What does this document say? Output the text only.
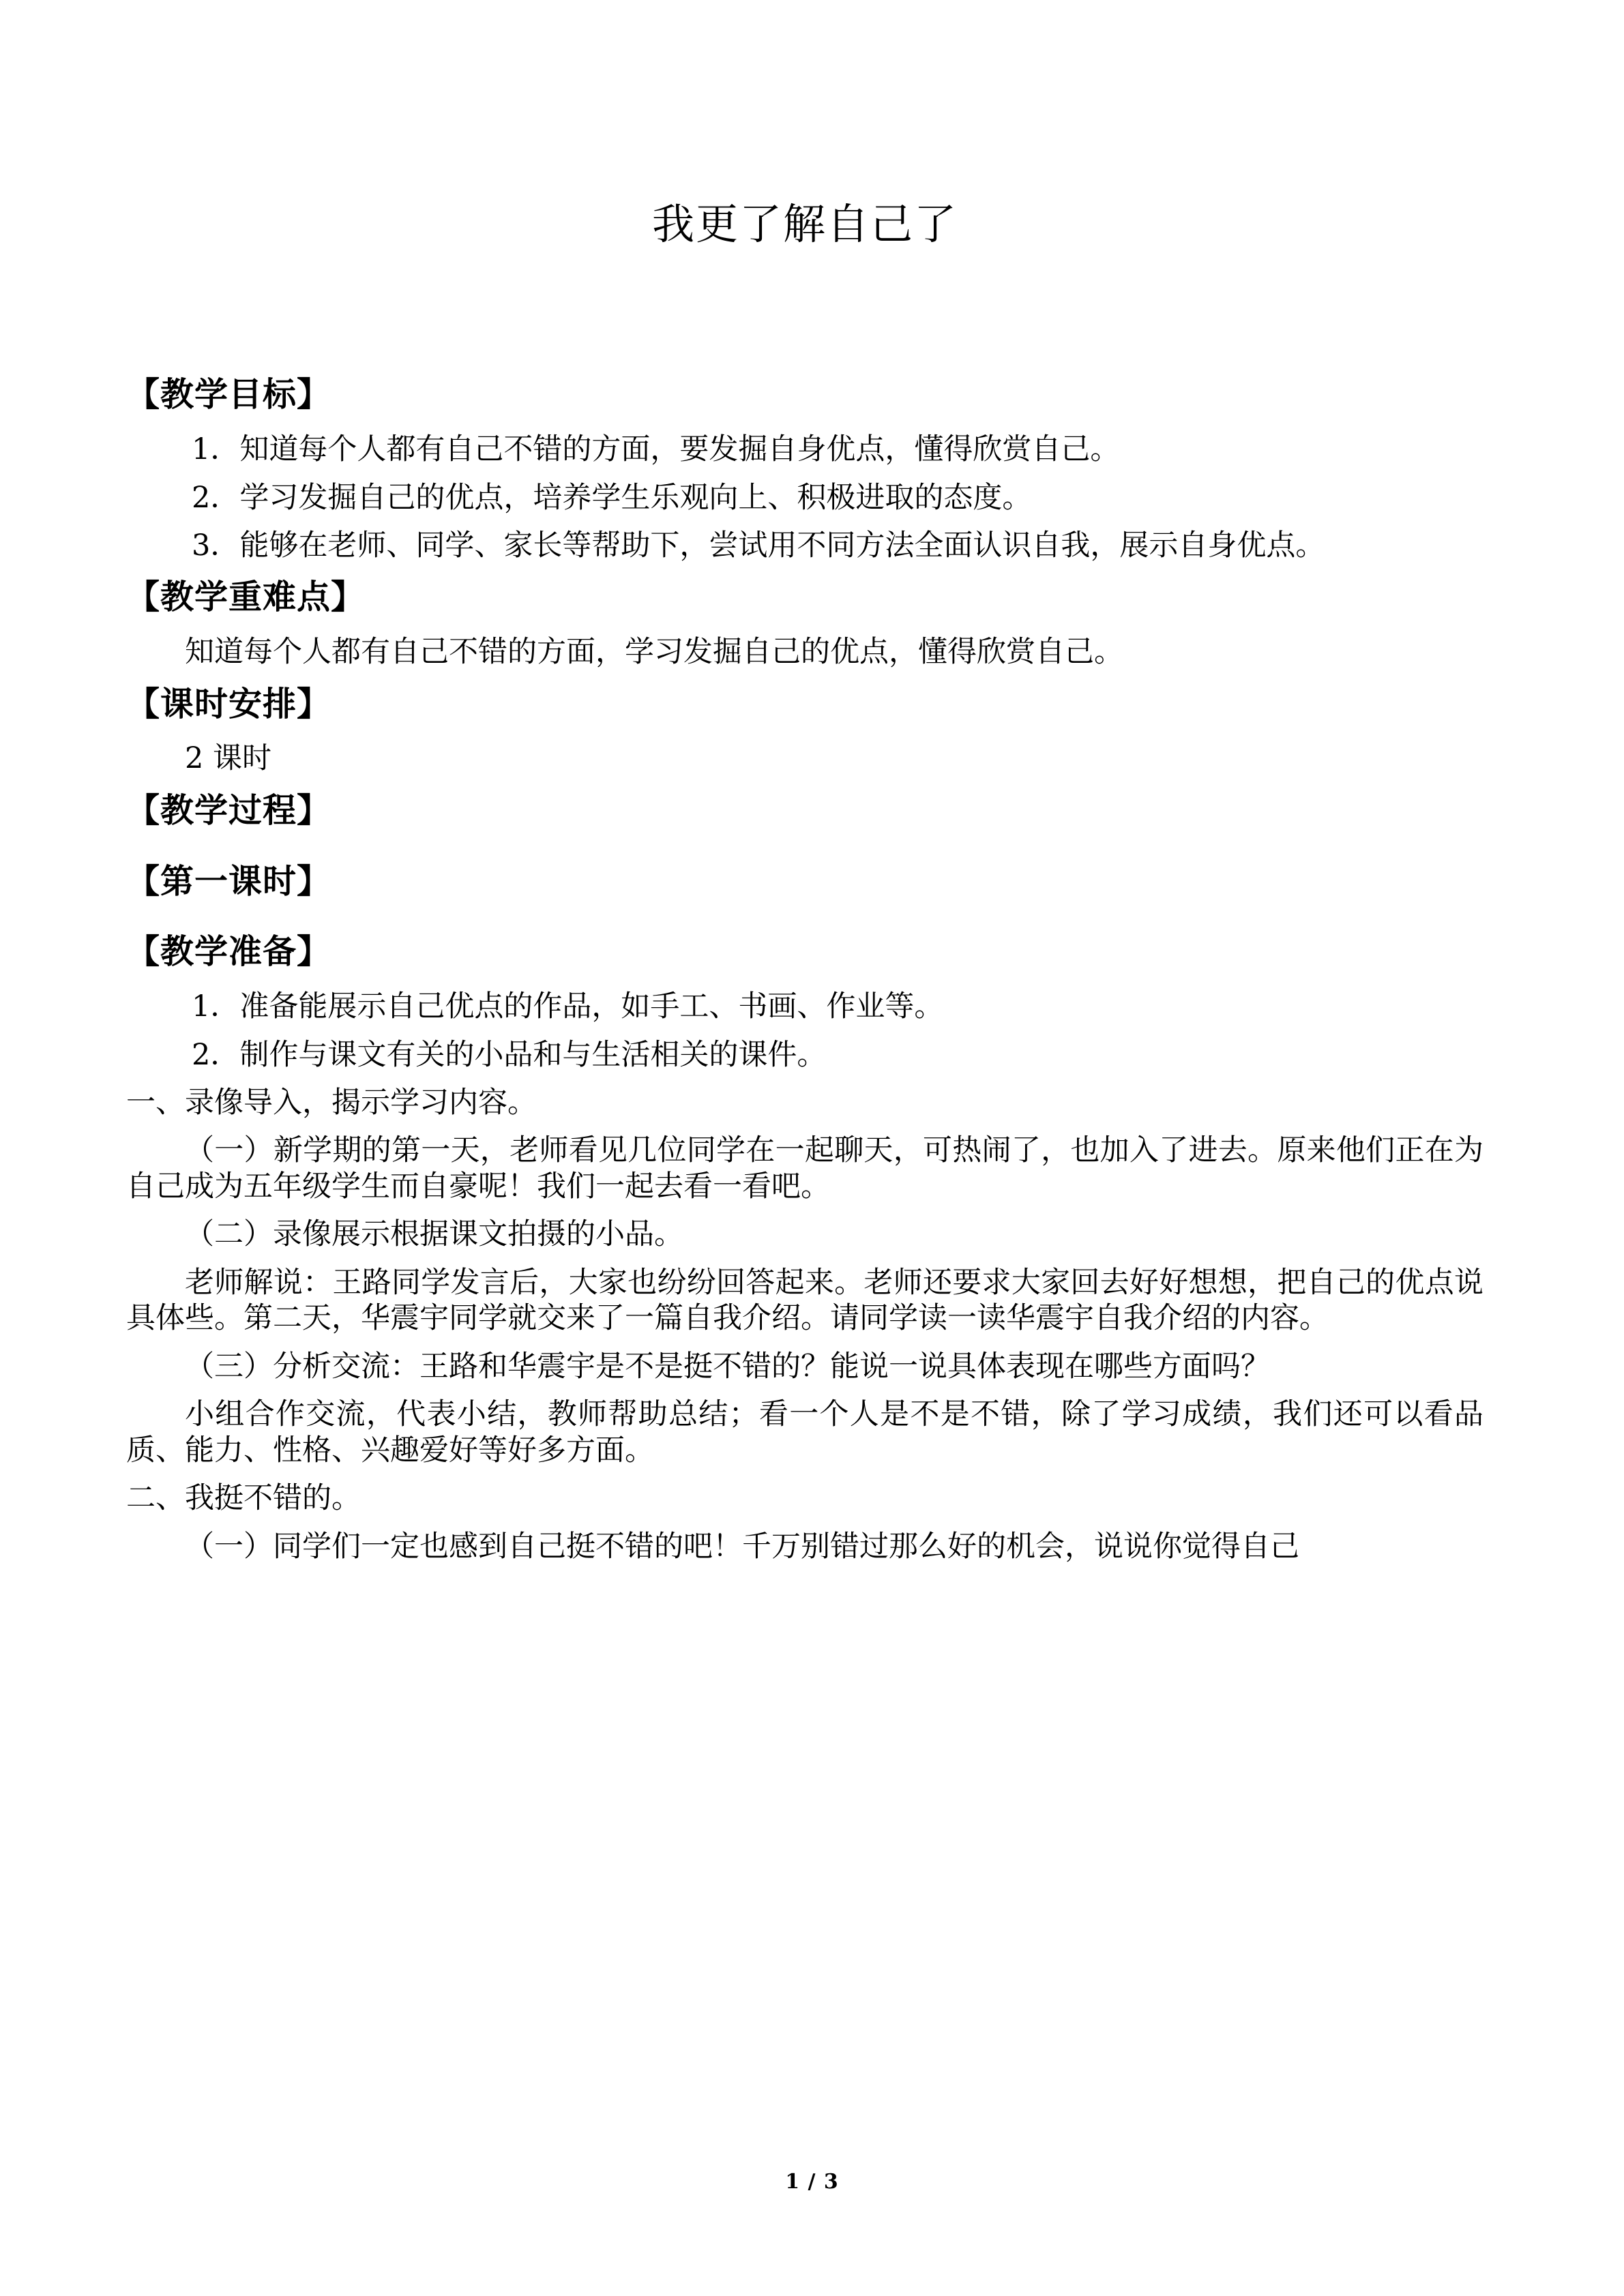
我更了解自己了
【教学目标】
1．知道每个人都有自己不错的方面，要发掘自身优点，懂得欣赏自己。
2．学习发掘自己的优点，培养学生乐观向上、积极进取的态度。
3．能够在老师、同学、家长等帮助下，尝试用不同方法全面认识自我，展示自身优点。
【教学重难点】
知道每个人都有自己不错的方面，学习发掘自己的优点，懂得欣赏自己。
【课时安排】
2 课时
【教学过程】
【第一课时】
【教学准备】
1．准备能展示自己优点的作品，如手工、书画、作业等。
2．制作与课文有关的小品和与生活相关的课件。
一、录像导入，揭示学习内容。
（一）新学期的第一天，老师看见几位同学在一起聊天，可热闹了，也加入了进去。原来他们正在为自己成为五年级学生而自豪呢！我们一起去看一看吧。
（二）录像展示根据课文拍摄的小品。
老师解说：王路同学发言后，大家也纷纷回答起来。老师还要求大家回去好好想想，把自己的优点说具体些。第二天，华震宇同学就交来了一篇自我介绍。请同学读一读华震宇自我介绍的内容。
（三）分析交流：王路和华震宇是不是挺不错的？能说一说具体表现在哪些方面吗？
小组合作交流，代表小结，教师帮助总结；看一个人是不是不错，除了学习成绩，我们还可以看品质、能力、性格、兴趣爱好等好多方面。
二、我挺不错的。
（一）同学们一定也感到自己挺不错的吧！千万别错过那么好的机会，说说你觉得自己
1 / 3
